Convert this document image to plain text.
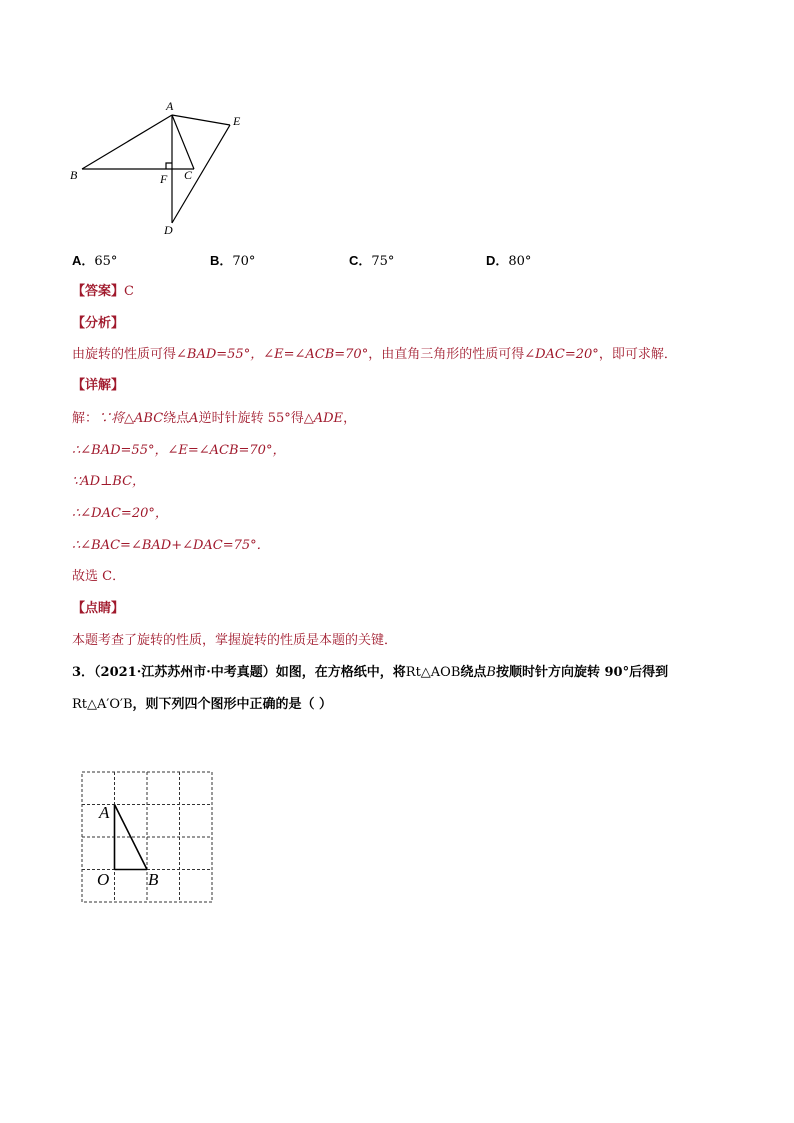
A
E
B	F C
D
A．65°	B．70°	C．75°	D．80°
【答案】C
【分析】
由旋转的性质可得∠BAD=55°，∠E=∠ACB=70°，由直角三角形的性质可得∠DAC=20°，即可求解．
【详解】
解：∵将△ABC绕点A逆时针旋转 55°得△ADE，
∴∠BAD=55°，∠E=∠ACB=70°，
∵AD⊥BC，
∴∠DAC=20°，
∴∠BAC=∠BAD+∠DAC=75°．
故选 C．
【点睛】
本题考查了旋转的性质，掌握旋转的性质是本题的关键．
3．（2021·江苏苏州市·中考真题）如图，在方格纸中，将Rt△AOB绕点B按顺时针方向旋转 90°后得到
Rt△A′O′B，则下列四个图形中正确的是（ ）
A
O B
